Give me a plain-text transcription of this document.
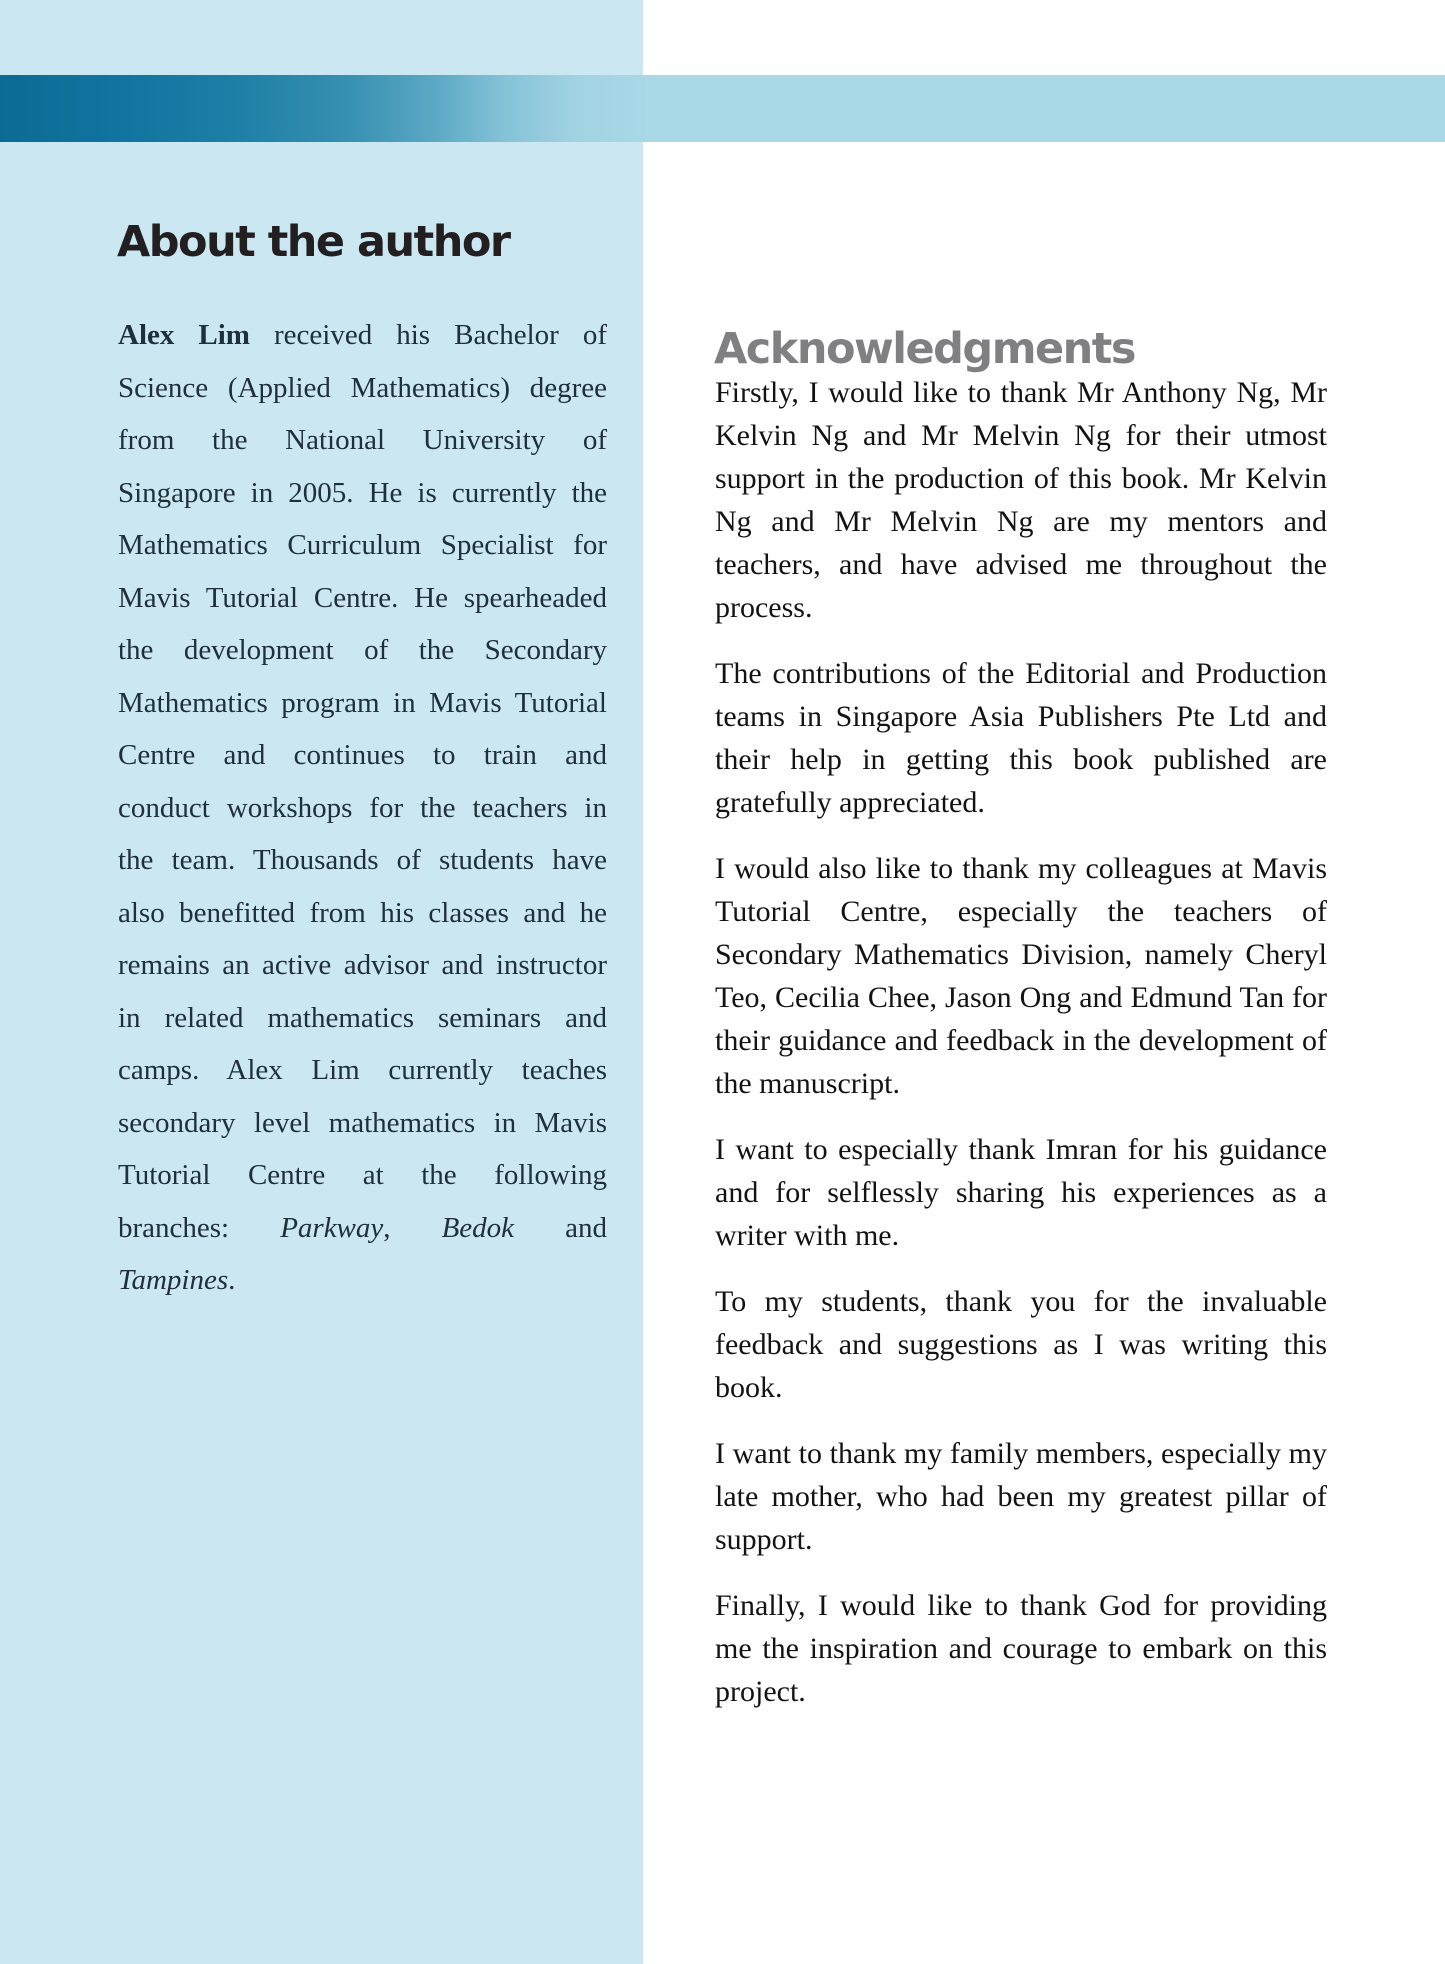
About the author

Alex Lim received his Bachelor of Science (Applied Mathematics) degree from the National University of Singapore in 2005. He is currently the Mathematics Curriculum Specialist for Mavis Tutorial Centre. He spearheaded the development of the Secondary Mathematics program in Mavis Tutorial Centre and continues to train and conduct workshops for the teachers in the team. Thousands of students have also benefitted from his classes and he remains an active advisor and instructor in related mathematics seminars and camps. Alex Lim currently teaches secondary level mathematics in Mavis Tutorial Centre at the following branches: Parkway, Bedok and Tampines.

Acknowledgments

Firstly, I would like to thank Mr Anthony Ng, Mr Kelvin Ng and Mr Melvin Ng for their utmost support in the production of this book. Mr Kelvin Ng and Mr Melvin Ng are my mentors and teachers, and have advised me throughout the process.

The contributions of the Editorial and Production teams in Singapore Asia Publishers Pte Ltd and their help in getting this book published are gratefully appreciated.

I would also like to thank my colleagues at Mavis Tutorial Centre, especially the teachers of Secondary Mathematics Division, namely Cheryl Teo, Cecilia Chee, Jason Ong and Edmund Tan for their guidance and feedback in the development of the manuscript.

I want to especially thank Imran for his guidance and for selflessly sharing his experiences as a writer with me.

To my students, thank you for the invaluable feedback and suggestions as I was writing this book.

I want to thank my family members, especially my late mother, who had been my greatest pillar of support.

Finally, I would like to thank God for providing me the inspiration and courage to embark on this project.
